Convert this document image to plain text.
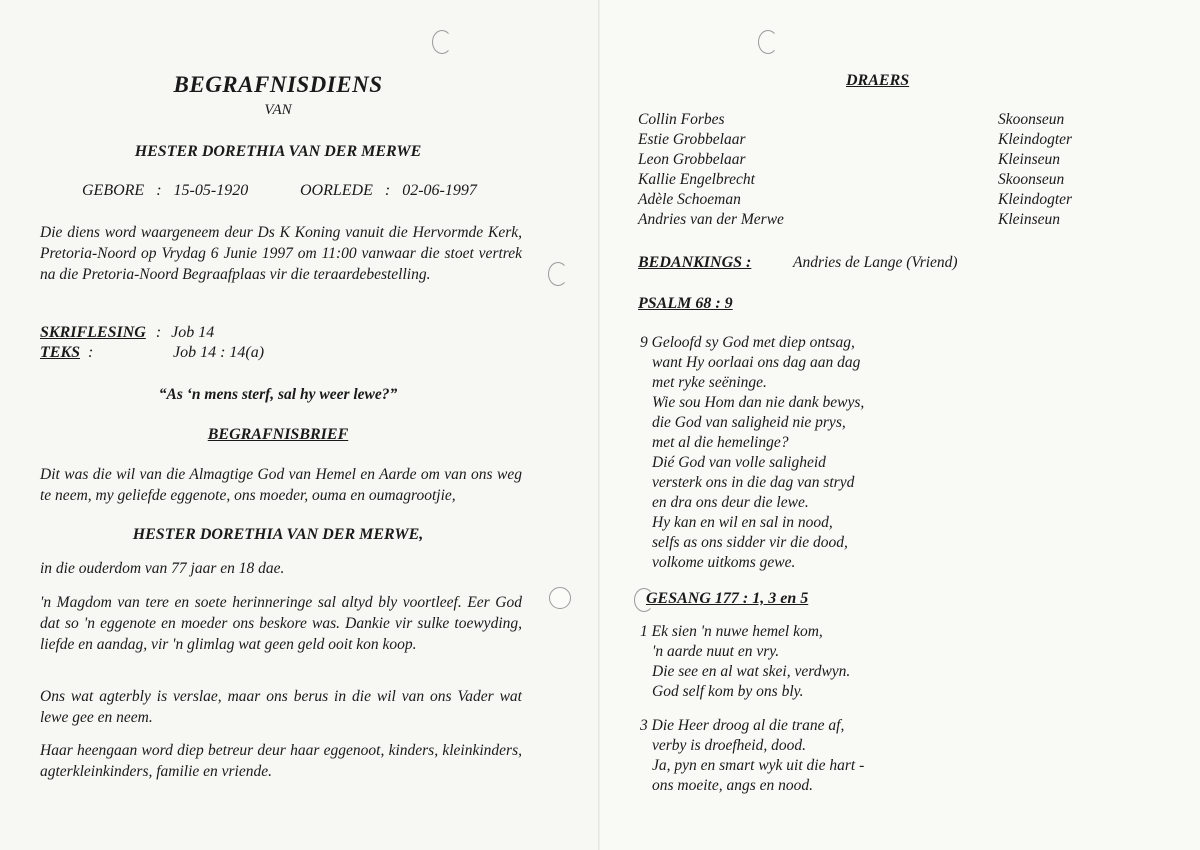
BEGRAFNISDIENS
VAN
HESTER DORETHIA VAN DER MERWE
GEBORE : 15-05-1920	OORLEDE : 02-06-1997
Die diens word waargeneem deur Ds K Koning vanuit die Hervormde Kerk, Pretoria-Noord op Vrydag 6 Junie 1997 om 11:00 vanwaar die stoet vertrek na die Pretoria-Noord Begraafplaas vir die teraardebestelling.
SKRIFLESING : Job 14
TEKS :	Job 14 : 14(a)
“As ‘n mens sterf, sal hy weer lewe?”
BEGRAFNISBRIEF
Dit was die wil van die Almagtige God van Hemel en Aarde om van ons weg te neem, my geliefde eggenote, ons moeder, ouma en oumagrootjie,
HESTER DORETHIA VAN DER MERWE,
in die ouderdom van 77 jaar en 18 dae.
'n Magdom van tere en soete herinneringe sal altyd bly voortleef. Eer God dat so 'n eggenote en moeder ons beskore was. Dankie vir sulke toewyding, liefde en aandag, vir 'n glimlag wat geen geld ooit kon koop.
Ons wat agterbly is verslae, maar ons berus in die wil van ons Vader wat lewe gee en neem.
Haar heengaan word diep betreur deur haar eggenoot, kinders, kleinkinders, agterkleinkinders, familie en vriende.
DRAERS
Collin Forbes	Skoonseun
Estie Grobbelaar	Kleindogter
Leon Grobbelaar	Kleinseun
Kallie Engelbrecht	Skoonseun
Adèle Schoeman	Kleindogter
Andries van der Merwe	Kleinseun
BEDANKINGS :	Andries de Lange (Vriend)
PSALM 68 : 9
9 Geloofd sy God met diep ontsag,
want Hy oorlaai ons dag aan dag
met ryke seëninge.
Wie sou Hom dan nie dank bewys,
die God van saligheid nie prys,
met al die hemelinge?
Dié God van volle saligheid
versterk ons in die dag van stryd
en dra ons deur die lewe.
Hy kan en wil en sal in nood,
selfs as ons sidder vir die dood,
volkome uitkoms gewe.
GESANG 177 : 1, 3 en 5
1 Ek sien 'n nuwe hemel kom,
'n aarde nuut en vry.
Die see en al wat skei, verdwyn.
God self kom by ons bly.
3 Die Heer droog al die trane af,
verby is droefheid, dood.
Ja, pyn en smart wyk uit die hart -
ons moeite, angs en nood.
